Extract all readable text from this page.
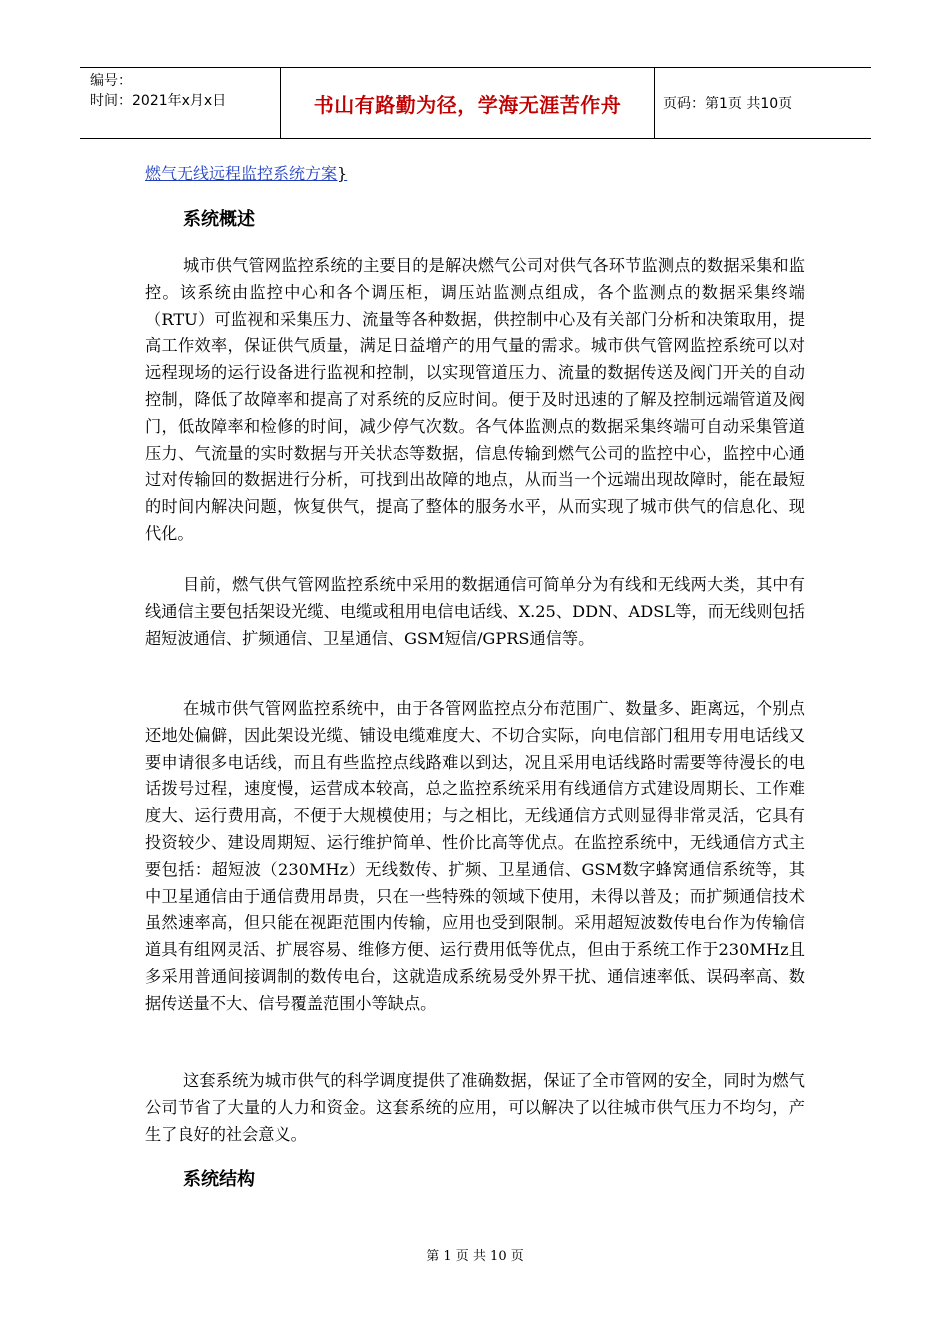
编号：
时间：2021年x月x日	书山有路勤为径，学海无涯苦作舟	页码：第1页 共10页
燃气无线远程监控系统方案}
系统概述

城市供气管网监控系统的主要目的是解决燃气公司对供气各环节监测点的数据采集和监控。该系统由监控中心和各个调压柜，调压站监测点组成，各个监测点的数据采集终端（RTU）可监视和采集压力、流量等各种数据，供控制中心及有关部门分析和决策取用，提高工作效率，保证供气质量，满足日益增产的用气量的需求。城市供气管网监控系统可以对远程现场的运行设备进行监视和控制，以实现管道压力、流量的数据传送及阀门开关的自动控制，降低了故障率和提高了对系统的反应时间。便于及时迅速的了解及控制远端管道及阀门，低故障率和检修的时间，减少停气次数。各气体监测点的数据采集终端可自动采集管道压力、气流量的实时数据与开关状态等数据，信息传输到燃气公司的监控中心，监控中心通过对传输回的数据进行分析，可找到出故障的地点，从而当一个远端出现故障时，能在最短的时间内解决问题，恢复供气，提高了整体的服务水平，从而实现了城市供气的信息化、现代化。

目前，燃气供气管网监控系统中采用的数据通信可简单分为有线和无线两大类，其中有线通信主要包括架设光缆、电缆或租用电信电话线、X.25、DDN、ADSL等，而无线则包括超短波通信、扩频通信、卫星通信、GSM短信/GPRS通信等。

在城市供气管网监控系统中，由于各管网监控点分布范围广、数量多、距离远，个别点还地处偏僻，因此架设光缆、铺设电缆难度大、不切合实际，向电信部门租用专用电话线又要申请很多电话线，而且有些监控点线路难以到达，况且采用电话线路时需要等待漫长的电话拨号过程，速度慢，运营成本较高，总之监控系统采用有线通信方式建设周期长、工作难度大、运行费用高，不便于大规模使用；与之相比，无线通信方式则显得非常灵活，它具有投资较少、建设周期短、运行维护简单、性价比高等优点。在监控系统中，无线通信方式主要包括：超短波（230MHz）无线数传、扩频、卫星通信、GSM数字蜂窝通信系统等，其中卫星通信由于通信费用昂贵，只在一些特殊的领域下使用，未得以普及；而扩频通信技术虽然速率高，但只能在视距范围内传输，应用也受到限制。采用超短波数传电台作为传输信道具有组网灵活、扩展容易、维修方便、运行费用低等优点，但由于系统工作于230MHz且多采用普通间接调制的数传电台，这就造成系统易受外界干扰、通信速率低、误码率高、数据传送量不大、信号覆盖范围小等缺点。

这套系统为城市供气的科学调度提供了准确数据，保证了全市管网的安全，同时为燃气公司节省了大量的人力和资金。这套系统的应用，可以解决了以往城市供气压力不均匀，产生了良好的社会意义。

系统结构
第 1 页 共 10 页
